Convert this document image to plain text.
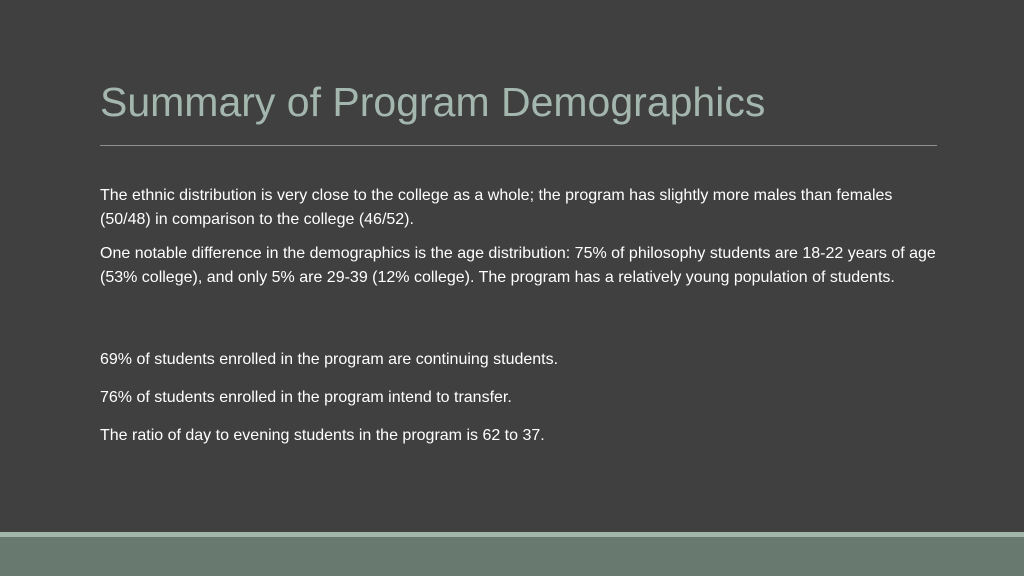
Summary of Program Demographics

The ethnic distribution is very close to the college as a whole; the program has slightly more males than females (50/48) in comparison to the college (46/52).

One notable difference in the demographics is the age distribution: 75% of philosophy students are 18-22 years of age (53% college), and only 5% are 29-39 (12% college). The program has a relatively young population of students.

69% of students enrolled in the program are continuing students.

76% of students enrolled in the program intend to transfer.

The ratio of day to evening students in the program is 62 to 37.
